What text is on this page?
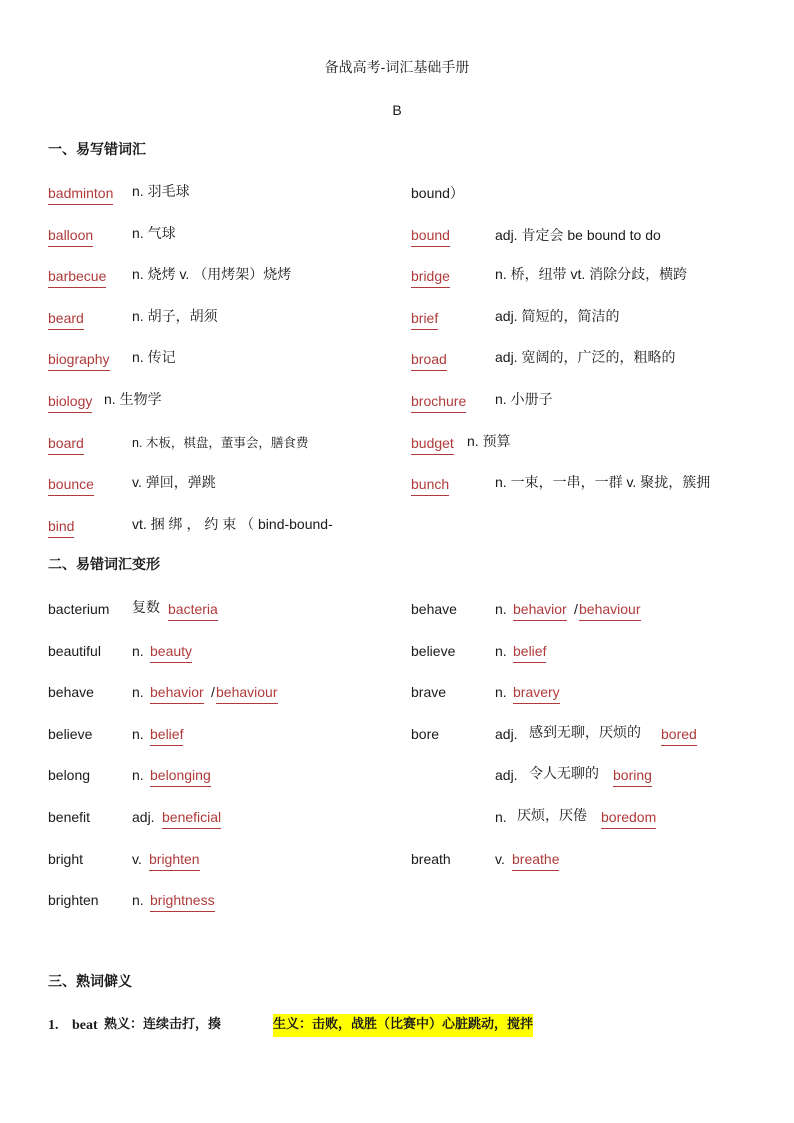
备战高考-词汇基础手册
B
一、易写错词汇
badminton n. 羽毛球
balloon	n. 气球
barbecue n. 烧烤 v. （用烤架）烧烤
beard	n. 胡子，胡须
biography n. 传记
biology n. 生物学
board	n. 木板，棋盘，董事会，膳食费
bounce	v. 弹回，弹跳
bind	vt. 捆 绑 ， 约 束 （ bind-bound-
bound）
bound	adj. 肯定会 be bound to do
bridge	n. 桥，纽带 vt. 消除分歧，横跨
brief	adj. 简短的，简洁的
broad	adj. 宽阔的，广泛的，粗略的
brochure n. 小册子
budget n. 预算
bunch	n. 一束，一串，一群 v. 聚拢，簇拥
二、易错词汇变形
bacterium 复数 bacteria
beautiful n. beauty
behave	n. behavior / behaviour
believe	n. belief
belong	n. belonging
benefit	adj. beneficial
bright	v. brighten
brighten n. brightness
behave	n. behavior / behaviour
believe	n. belief
brave	n. bravery
bore	adj. 感到无聊，厌烦的 bored
adj. 令人无聊的 boring
n. 厌烦，厌倦 boredom
breath	v. breathe
三、熟词僻义
1. beat 熟义：连续击打，揍	生义：击败，战胜（比赛中）心脏跳动，搅拌
